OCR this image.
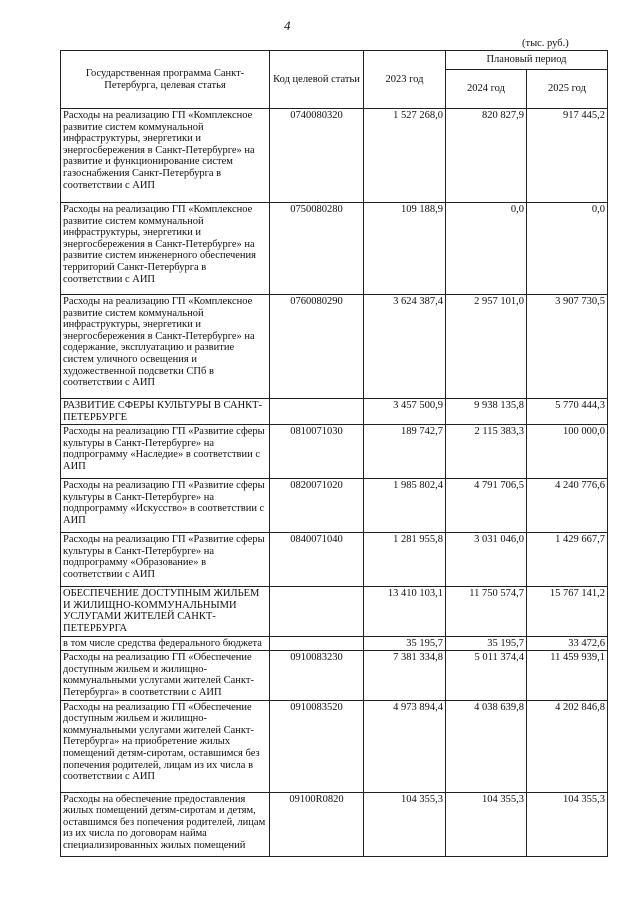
4
(тыс. руб.)
Государственная программа Санкт-Петербурга, целевая статья	Код целевой статьи	2023 год	Плановый период	
			2024 год	2025 год
Расходы на реализацию ГП «Комплексное развитие систем коммунальной инфраструктуры, энергетики и энергосбережения в Санкт-Петербурге» на развитие и функционирование систем газоснабжения Санкт-Петербурга в соответствии с АИП	0740080320	1 527 268,0	820 827,9	917 445,2
Расходы на реализацию ГП «Комплексное развитие систем коммунальной инфраструктуры, энергетики и энергосбережения в Санкт-Петербурге» на развитие систем инженерного обеспечения территорий Санкт-Петербурга в соответствии с АИП	0750080280	109 188,9	0,0	0,0
Расходы на реализацию ГП «Комплексное развитие систем коммунальной инфраструктуры, энергетики и энергосбережения в Санкт-Петербурге» на содержание, эксплуатацию и развитие систем уличного освещения и художественной подсветки СПб в соответствии с АИП	0760080290	3 624 387,4	2 957 101,0	3 907 730,5
РАЗВИТИЕ СФЕРЫ КУЛЬТУРЫ В САНКТ-ПЕТЕРБУРГЕ		3 457 500,9	9 938 135,8	5 770 444,3
Расходы на реализацию ГП «Развитие сферы культуры в Санкт-Петербурге» на подпрограмму «Наследие» в соответствии с АИП	0810071030	189 742,7	2 115 383,3	100 000,0
Расходы на реализацию ГП «Развитие сферы культуры в Санкт-Петербурге» на подпрограмму «Искусство» в соответствии с АИП	0820071020	1 985 802,4	4 791 706,5	4 240 776,6
Расходы на реализацию ГП «Развитие сферы культуры в Санкт-Петербурге» на подпрограмму «Образование» в соответствии с АИП	0840071040	1 281 955,8	3 031 046,0	1 429 667,7
ОБЕСПЕЧЕНИЕ ДОСТУПНЫМ ЖИЛЬЕМ И ЖИЛИЩНО-КОММУНАЛЬНЫМИ УСЛУГАМИ ЖИТЕЛЕЙ САНКТ-ПЕТЕРБУРГА		13 410 103,1	11 750 574,7	15 767 141,2
в том числе средства федерального бюджета		35 195,7	35 195,7	33 472,6
Расходы на реализацию ГП «Обеспечение доступным жильем и жилищно-коммунальными услугами жителей Санкт-Петербурга» в соответствии с АИП	0910083230	7 381 334,8	5 011 374,4	11 459 939,1
Расходы на реализацию ГП «Обеспечение доступным жильем и жилищно-коммунальными услугами жителей Санкт-Петербурга» на приобретение жилых помещений детям-сиротам, оставшимся без попечения родителей, лицам из их числа в соответствии с АИП	0910083520	4 973 894,4	4 038 639,8	4 202 846,8
Расходы на обеспечение предоставления жилых помещений детям-сиротам и детям, оставшимся без попечения родителей, лицам из их числа по договорам найма специализированных жилых помещений	09100R0820	104 355,3	104 355,3	104 355,3
